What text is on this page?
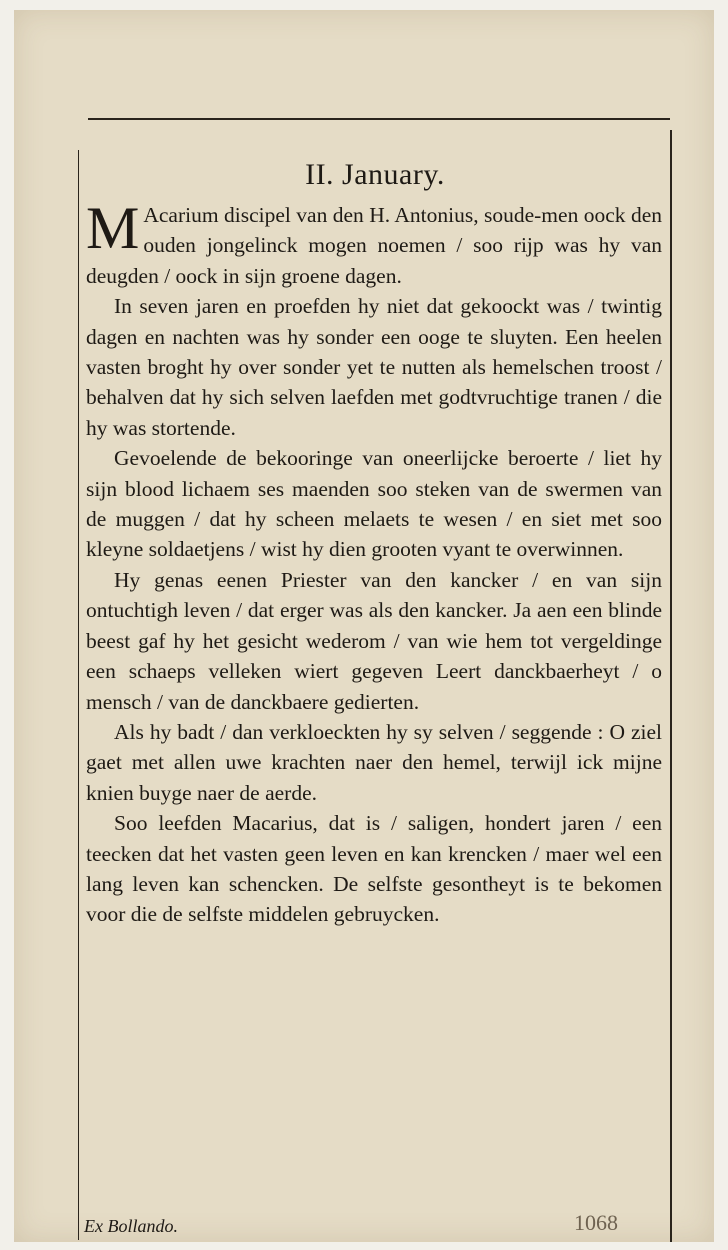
II. January.

M Acarium discipel van den H. Antonius, soude-men oock den ouden jongelinck mogen noemen / soo rijp was hy van deugden / oock in sijn groene dagen.

In seven jaren en proefden hy niet dat gekoockt was / twintig dagen en nachten was hy sonder een ooge te sluyten. Een heelen vasten broght hy over sonder yet te nutten als hemelschen troost / behalven dat hy sich selven laefden met godtvruchtige tranen / die hy was stortende.

Gevoelende de bekooringe van oneerlijcke beroerte / liet hy sijn blood lichaem ses maenden soo steken van de swermen van de muggen / dat hy scheen melaets te wesen / en siet met soo kleyne soldaetjens / wist hy dien grooten vyant te overwinnen.

Hy genas eenen Priester van den kancker / en van sijn ontuchtigh leven / dat erger was als den kancker. Ja aen een blinde beest gaf hy het gesicht wederom / van wie hem tot vergeldinge een schaeps velleken wiert gegeven Leert danckbaerheyt / o mensch / van de danckbaere gedierten.

Als hy badt / dan verkloeckten hy sy selven / seggende : O ziel gaet met allen uwe krachten naer den hemel, terwijl ick mijne knien buyge naer de aerde.

Soo leefden Macarius, dat is / saligen, hondert jaren / een teecken dat het vasten geen leven en kan krencken / maer wel een lang leven kan schencken. De selfste gesontheyt is te bekomen voor die de selfste middelen gebruycken.

Ex Bollando.	1068
